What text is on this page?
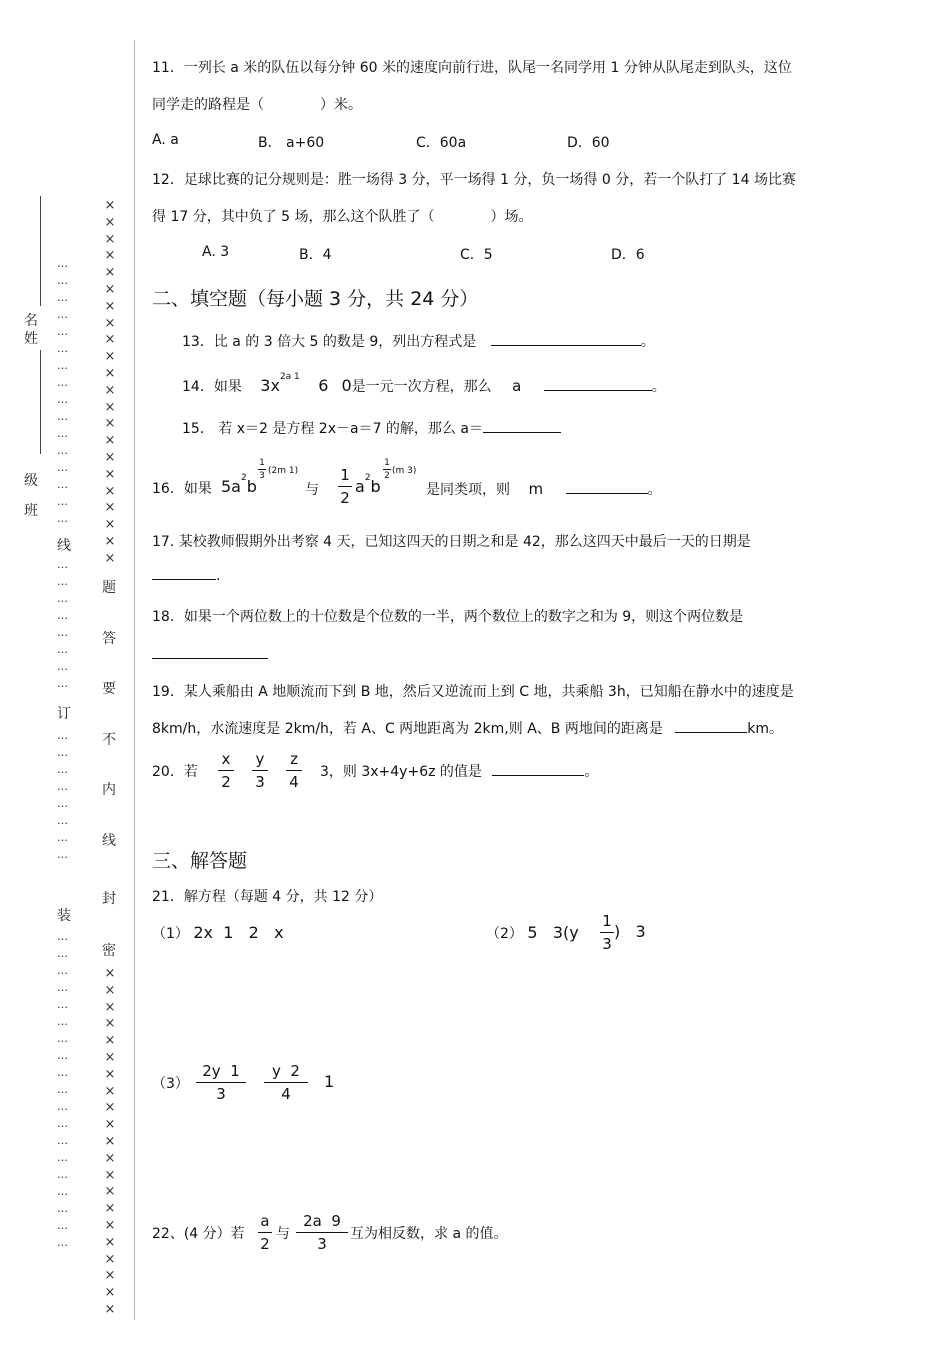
名
姓
级
班
…
…
…
…
…
…
…
…
…
…
…
…
…
…
…
…
线
…
…
…
…
…
…
…
…
订
…
…
…
…
…
…
…
…
装
…
…
…
…
…
…
…
…
…
…
…
…
…
…
…
…
…
…
…
×
×
×
×
×
×
×
×
×
×
×
×
×
×
×
×
×
×
×
×
×
×
题
答
要
不
内
线
封
密
×
×
×
×
×
×
×
×
×
×
×
×
×
×
×
×
×
×
×
×
×
11．一列长 a 米的队伍以每分钟 60 米的速度向前行进，队尾一名同学用 1 分钟从队尾走到队头，这位
同学走的路程是（　　　　）米。
A. a	B． a+60	C．60a	D．60
12．足球比赛的记分规则是：胜一场得 3 分，平一场得 1 分，负一场得 0 分，若一个队打了 14 场比赛
得 17 分，其中负了 5 场，那么这个队胜了（　　　　）场。
A. 3	B．4	C．5	D．6
二、填空题（每小题 3 分，共 24 分）
13．比 a 的 3 倍大 5 的数是 9，列出方程式是	。
14．如果 $3x^{2a 1}$ 6 0是一元一次方程，那么 a	。
15． 若 x＝2 是方程 2x－a＝7 的解，那么 a＝
16．如果 $5a^2b$
1
3 (2m 1)
与
1
2
$a^2b$
1
2 (m 3)
是同类项，则 m	。
17. 某校教师假期外出考察 4 天，已知这四天的日期之和是 42，那么这四天中最后一天的日期是
.
18．如果一个两位数上的十位数是个位数的一半，两个数位上的数字之和为 9，则这个两位数是
19．某人乘船由 A 地顺流而下到 B 地，然后又逆流而上到 C 地，共乘船 3h，已知船在静水中的速度是
8km/h，水流速度是 2km/h，若 A、C 两地距离为 2km,则 A、B 两地间的距离是	km。
20．若
x
2
y
3
z
4
3，则 3x+4y+6z 的值是	。
三、解答题
21．解方程（每题 4 分，共 12 分）
（1） 2x  1   2   x	（2） 5   3(y
1
3
)   3
（3）
2y  1
3
y  2
4
1
22、(4 分）若
a
2
与
2a  9
3
互为相反数，求 a 的值。
